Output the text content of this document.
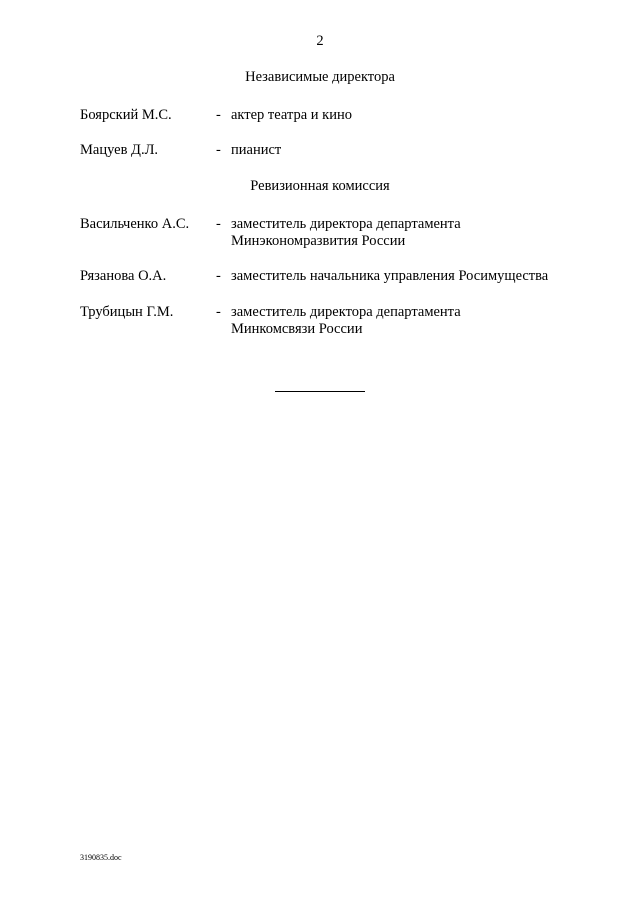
2
Независимые директора
Боярский М.С.	- актер театра и кино
Мацуев Д.Л.	- пианист
Ревизионная комиссия
Васильченко А.С. - заместитель директора департамента
Минэкономразвития России
Рязанова О.А.	- заместитель начальника управления Росимущества
Трубицын Г.М.	- заместитель директора департамента
Минкомсвязи России
3190835.doc
